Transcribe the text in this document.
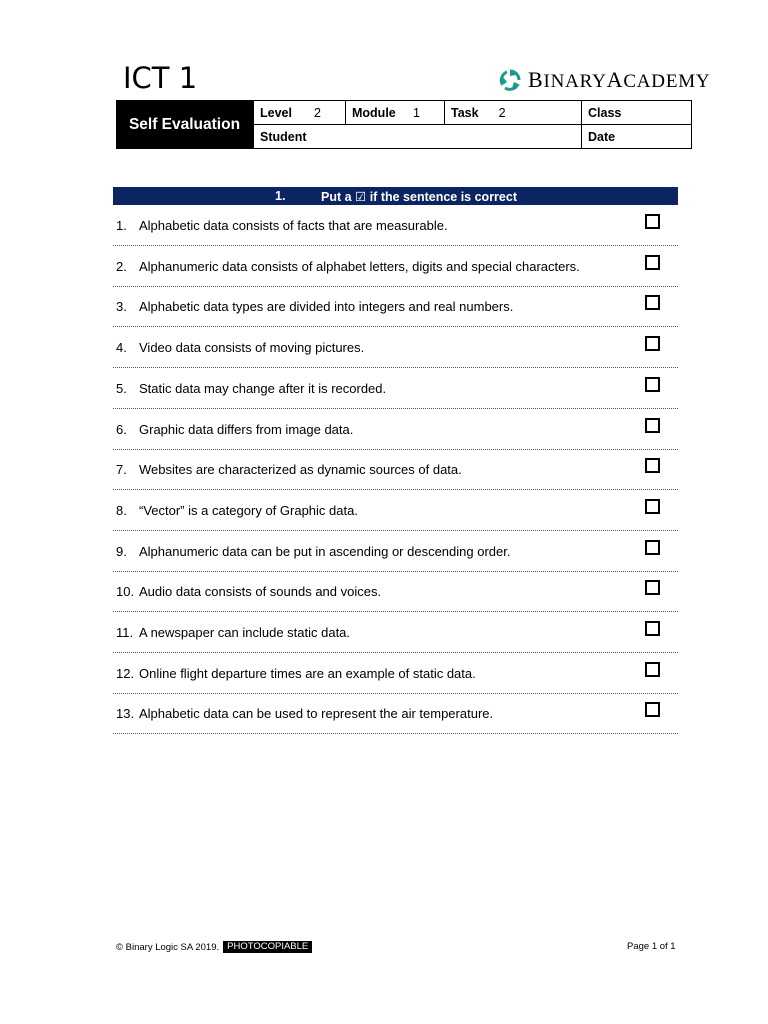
ICT 1	BINARYACADEMY
Self Evaluation
Level 2 Module 1 Task 2	Class
Student	Date
1.	Put a ☑ if the sentence is correct
1. Alphabetic data consists of facts that are measurable.
2. Alphanumeric data consists of alphabet letters, digits and special characters.
3. Alphabetic data types are divided into integers and real numbers.
4. Video data consists of moving pictures.
5. Static data may change after it is recorded.
6. Graphic data differs from image data.
7. Websites are characterized as dynamic sources of data.
8. “Vector” is a category of Graphic data.
9. Alphanumeric data can be put in ascending or descending order.
10. Audio data consists of sounds and voices.
11. A newspaper can include static data.
12. Online flight departure times are an example of static data.
13. Alphabetic data can be used to represent the air temperature.
© Binary Logic SA 2019. PHOTOCOPIABLE	Page 1 of 1
